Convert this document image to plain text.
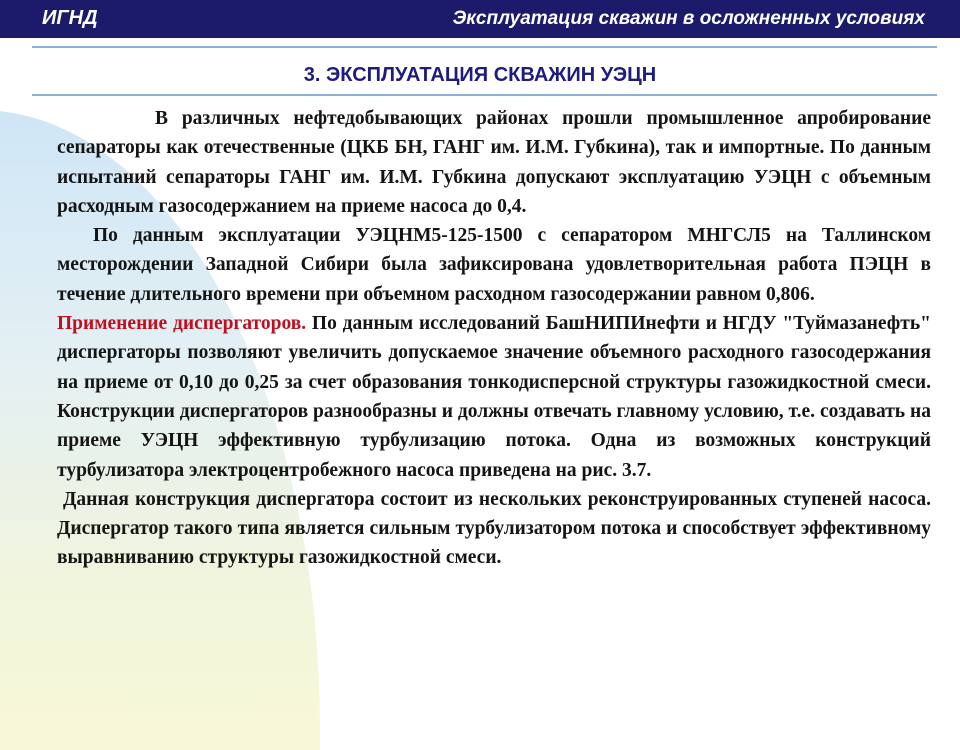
ИГНД	Эксплуатация скважин в осложненных условиях
3. ЭКСПЛУАТАЦИЯ СКВАЖИН УЭЦН

В различных нефтедобывающих районах прошли промышленное апробирование сепараторы как отечественные (ЦКБ БН, ГАНГ им. И.М. Губкина), так и импортные. По данным испытаний сепараторы ГАНГ им. И.М. Губкина допускают эксплуатацию УЭЦН с объемным расходным газосодержанием на приеме насоса до 0,4.

По данным эксплуатации УЭЦНМ5-125-1500 с сепаратором МНГСЛ5 на Таллинском месторождении Западной Сибири была зафиксирована удовлетворительная работа ПЭЦН в течение длительного времени при объемном расходном газосодержании равном 0,806.

Применение диспергаторов. По данным исследований БашНИПИнефти и НГДУ "Туймазанефть" диспергаторы позволяют увеличить допускаемое значение объемного расходного газосодержания на приеме от 0,10 до 0,25 за счет образования тонкодисперсной структуры газожидкостной смеси. Конструкции диспергаторов разнообразны и должны отвечать главному условию, т.е. создавать на приеме УЭЦН эффективную турбулизацию потока. Одна из возможных конструкций турбулизатора электроцентробежного насоса приведена на рис. 3.7.

Данная конструкция диспергатора состоит из нескольких реконструированных ступеней насоса. Диспергатор такого типа является сильным турбулизатором потока и способствует эффективному выравниванию структуры газожидкостной смеси.
